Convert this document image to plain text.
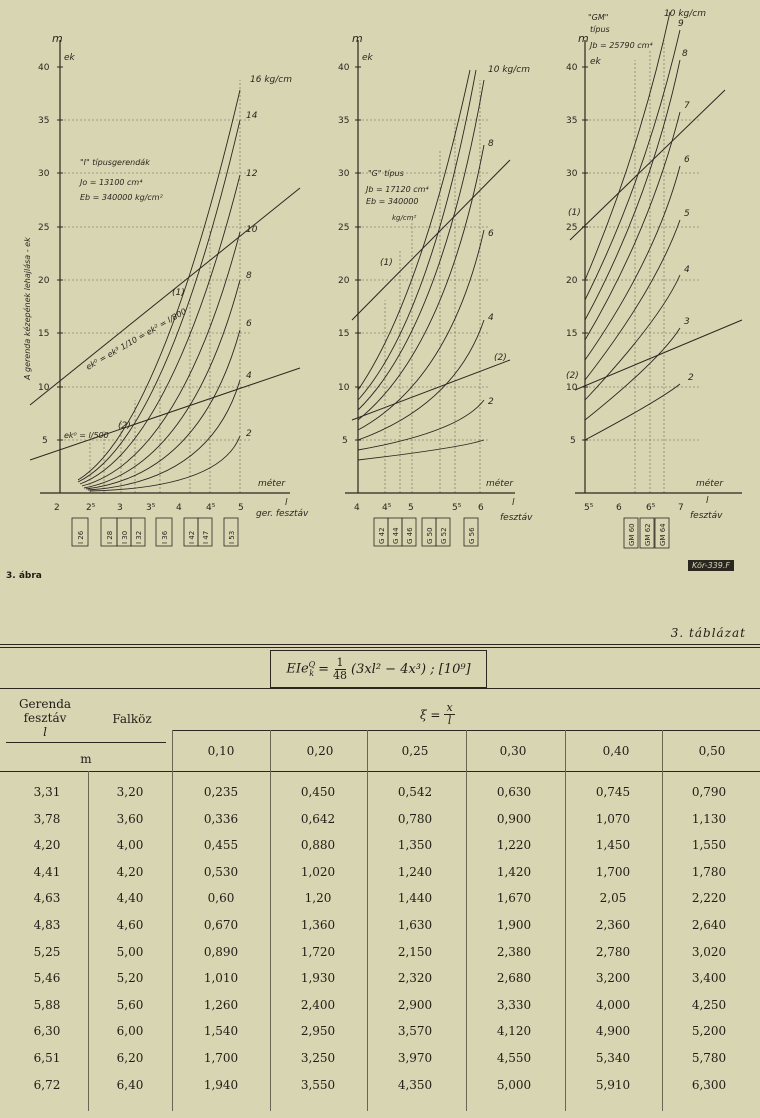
5
10
15
20
25
30
35
40
m
ek
2	2⁵ 3	3⁵ 4	4⁵	5
méter
l
ger. fesztáv
A gerenda kézepének lehajlása - ek
"I" típusgerendák
Jo = 13100 cm⁴
Eb = 340000 kg/cm²
ek⁰ = ek³ 1/10 = ek² = l/800
ek⁰ = l/500
(1)
(2)
16 kg/cm
14
12
10
8
6
4
2
I 26	I 28 I 30 I 32	I 36	I 42 I 47	I 53
5
10
15
20
25
30
35
40
m
ek
4 4⁵ 5	5⁵ 6
méter
l
fesztáv
"G" típus
Jb = 17120 cm⁴
Eb = 340000
kg/cm²
(1)
(2)
10 kg/cm
8
6
4
2
G 42 G 44 G 46 G 50 G 52	G 56
5
10
15
20
25
30
35
40
m
ek
5⁵	6	6⁵	7
méter
l
fesztáv
"GM"
típus
Jb = 25790 cm⁴
(1)
(2)
10 kg/cm
9
8
7
6
5
4
3
2
GM 60 GM 62 GM 64
3. ábra
Kör-339.F
3. táblázat
$EIe^Q_k = \frac{1}{48} (3xl^2 - 4x^3)$ ; [10⁹]
Gerenda
fesztáv
l
Falköz
m
$\xi = \frac{x}{l}$
0,10	0,20	0,25	0,30	0,40	0,50
3,31	3,20	0,235	0,450	0,542	0,630	0,745	0,790
3,78	3,60	0,336	0,642	0,780	0,900	1,070	1,130
4,20	4,00	0,455	0,880	1,350	1,220	1,450	1,550
4,41	4,20	0,530	1,020	1,240	1,420	1,700	1,780
4,63	4,40	0,60	1,20	1,440	1,670	2,05	2,220
4,83	4,60	0,670	1,360	1,630	1,900	2,360	2,640
5,25	5,00	0,890	1,720	2,150	2,380	2,780	3,020
5,46	5,20	1,010	1,930	2,320	2,680	3,200	3,400
5,88	5,60	1,260	2,400	2,900	3,330	4,000	4,250
6,30	6,00	1,540	2,950	3,570	4,120	4,900	5,200
6,51	6,20	1,700	3,250	3,970	4,550	5,340	5,780
6,72	6,40	1,940	3,550	4,350	5,000	5,910	6,300
